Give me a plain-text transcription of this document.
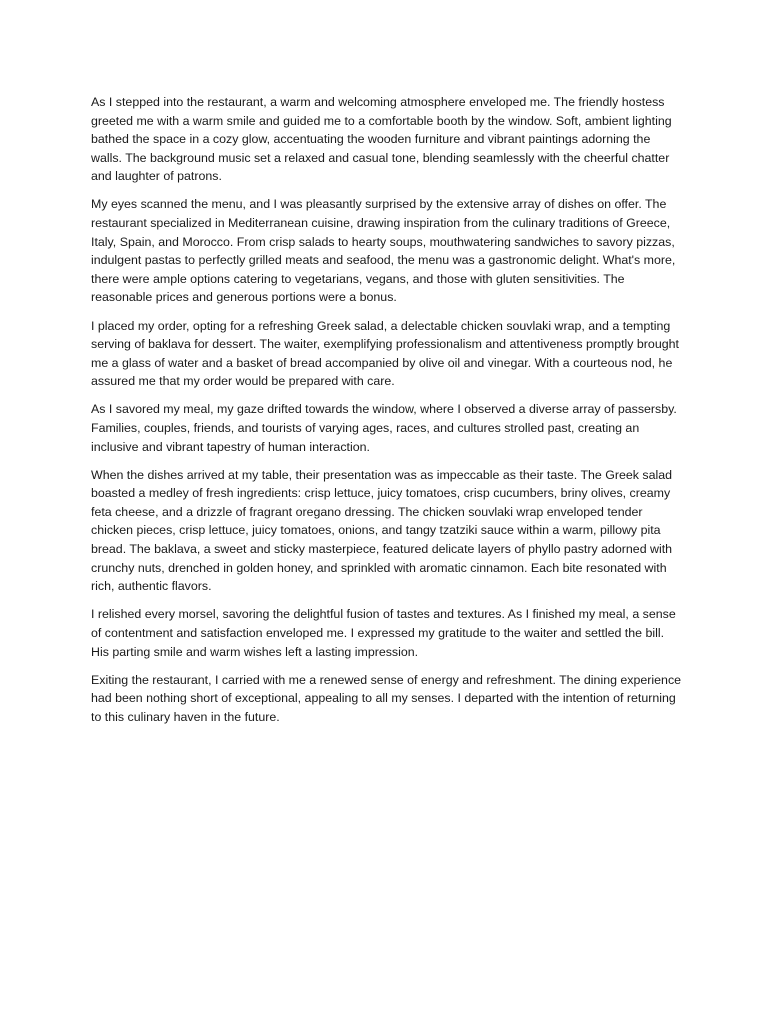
As I stepped into the restaurant, a warm and welcoming atmosphere enveloped me. The friendly hostess greeted me with a warm smile and guided me to a comfortable booth by the window. Soft, ambient lighting bathed the space in a cozy glow, accentuating the wooden furniture and vibrant paintings adorning the walls. The background music set a relaxed and casual tone, blending seamlessly with the cheerful chatter and laughter of patrons.

My eyes scanned the menu, and I was pleasantly surprised by the extensive array of dishes on offer. The restaurant specialized in Mediterranean cuisine, drawing inspiration from the culinary traditions of Greece, Italy, Spain, and Morocco. From crisp salads to hearty soups, mouthwatering sandwiches to savory pizzas, indulgent pastas to perfectly grilled meats and seafood, the menu was a gastronomic delight. What's more, there were ample options catering to vegetarians, vegans, and those with gluten sensitivities. The reasonable prices and generous portions were a bonus.

I placed my order, opting for a refreshing Greek salad, a delectable chicken souvlaki wrap, and a tempting serving of baklava for dessert. The waiter, exemplifying professionalism and attentiveness promptly brought me a glass of water and a basket of bread accompanied by olive oil and vinegar. With a courteous nod, he assured me that my order would be prepared with care.

As I savored my meal, my gaze drifted towards the window, where I observed a diverse array of passersby. Families, couples, friends, and tourists of varying ages, races, and cultures strolled past, creating an inclusive and vibrant tapestry of human interaction.

When the dishes arrived at my table, their presentation was as impeccable as their taste. The Greek salad boasted a medley of fresh ingredients: crisp lettuce, juicy tomatoes, crisp cucumbers, briny olives, creamy feta cheese, and a drizzle of fragrant oregano dressing. The chicken souvlaki wrap enveloped tender chicken pieces, crisp lettuce, juicy tomatoes, onions, and tangy tzatziki sauce within a warm, pillowy pita bread. The baklava, a sweet and sticky masterpiece, featured delicate layers of phyllo pastry adorned with crunchy nuts, drenched in golden honey, and sprinkled with aromatic cinnamon. Each bite resonated with rich, authentic flavors.

I relished every morsel, savoring the delightful fusion of tastes and textures. As I finished my meal, a sense of contentment and satisfaction enveloped me. I expressed my gratitude to the waiter and settled the bill. His parting smile and warm wishes left a lasting impression.

Exiting the restaurant, I carried with me a renewed sense of energy and refreshment. The dining experience had been nothing short of exceptional, appealing to all my senses. I departed with the intention of returning to this culinary haven in the future.
